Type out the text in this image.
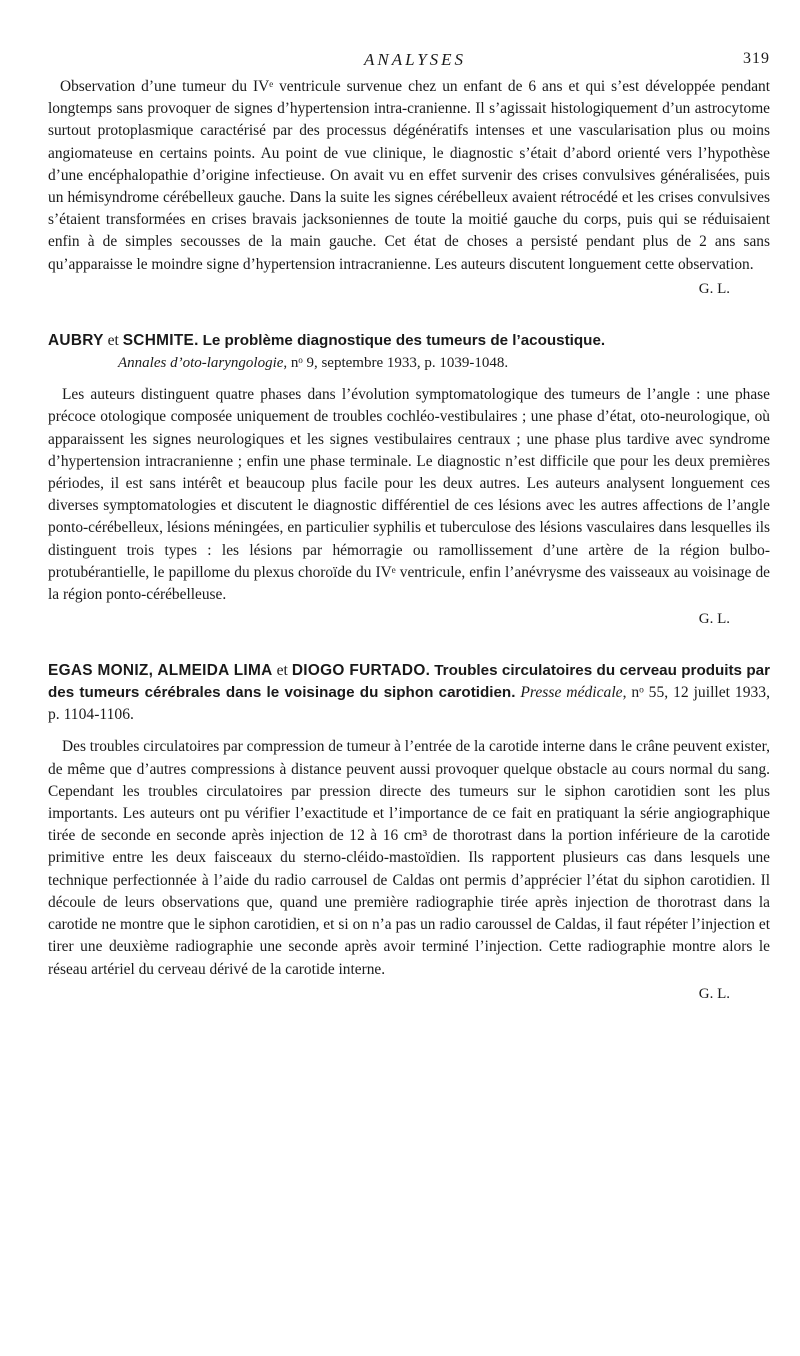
ANALYSES	319

Observation d’une tumeur du IVᵉ ventricule survenue chez un enfant de 6 ans et qui s’est développée pendant longtemps sans provoquer de signes d’hypertension intra-cranienne. Il s’agissait histologiquement d’un astrocytome surtout protoplasmique caractérisé par des processus dégénératifs intenses et une vascularisation plus ou moins angiomateuse en certains points. Au point de vue clinique, le diagnostic s’était d’abord orienté vers l’hypothèse d’une encéphalopathie d’origine infectieuse. On avait vu en effet survenir des crises convulsives généralisées, puis un hémisyndrome cérébelleux gauche. Dans la suite les signes cérébelleux avaient rétrocédé et les crises convulsives s’étaient transformées en crises bravais jacksoniennes de toute la moitié gauche du corps, puis qui se réduisaient enfin à de simples secousses de la main gauche. Cet état de choses a persisté pendant plus de 2 ans sans qu’apparaisse le moindre signe d’hypertension intracranienne. Les auteurs discutent longuement cette observation.

G. L.

AUBRY et SCHMITE. Le problème diagnostique des tumeurs de l’acoustique.

Annales d’oto-laryngologie, nᵒ 9, septembre 1933, p. 1039-1048.

Les auteurs distinguent quatre phases dans l’évolution symptomatologique des tumeurs de l’angle : une phase précoce otologique composée uniquement de troubles cochléo-vestibulaires ; une phase d’état, oto-neurologique, où apparaissent les signes neurologiques et les signes vestibulaires centraux ; une phase plus tardive avec syndrome d’hypertension intracranienne ; enfin une phase terminale. Le diagnostic n’est difficile que pour les deux premières périodes, il est sans intérêt et beaucoup plus facile pour les deux autres. Les auteurs analysent longuement ces diverses symptomatologies et discutent le diagnostic différentiel de ces lésions avec les autres affections de l’angle ponto-cérébelleux, lésions méningées, en particulier syphilis et tuberculose des lésions vasculaires dans lesquelles ils distinguent trois types : les lésions par hémorragie ou ramollissement d’une artère de la région bulbo-protubérantielle, le papillome du plexus choroïde du IVᵉ ventricule, enfin l’anévrysme des vaisseaux au voisinage de la région ponto-cérébelleuse.

G. L.

EGAS MONIZ, ALMEIDA LIMA et DIOGO FURTADO. Troubles circulatoires du cerveau produits par des tumeurs cérébrales dans le voisinage du siphon carotidien. Presse médicale, nᵒ 55, 12 juillet 1933, p. 1104-1106.

Des troubles circulatoires par compression de tumeur à l’entrée de la carotide interne dans le crâne peuvent exister, de même que d’autres compressions à distance peuvent aussi provoquer quelque obstacle au cours normal du sang. Cependant les troubles circulatoires par pression directe des tumeurs sur le siphon carotidien sont les plus importants. Les auteurs ont pu vérifier l’exactitude et l’importance de ce fait en pratiquant la série angiographique tirée de seconde en seconde après injection de 12 à 16 cm³ de thorotrast dans la portion inférieure de la carotide primitive entre les deux faisceaux du sterno-cléido-mastoïdien. Ils rapportent plusieurs cas dans lesquels une technique perfectionnée à l’aide du radio carrousel de Caldas ont permis d’apprécier l’état du siphon carotidien. Il découle de leurs observations que, quand une première radiographie tirée après injection de thorotrast dans la carotide ne montre que le siphon carotidien, et si on n’a pas un radio caroussel de Caldas, il faut répéter l’injection et tirer une deuxième radiographie une seconde après avoir terminé l’injection. Cette radiographie montre alors le réseau artériel du cerveau dérivé de la carotide interne.

G. L.
